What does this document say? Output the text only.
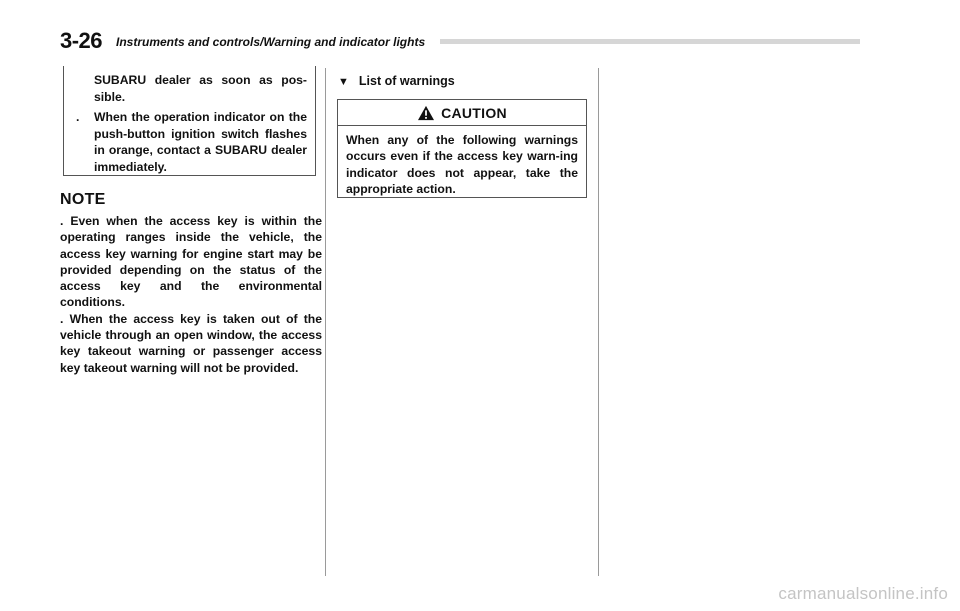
3-26 Instruments and controls/Warning and indicator lights
SUBARU dealer as soon as pos-sible.
. When the operation indicator on the push-button ignition switch flashes in orange, contact a SUBARU dealer immediately.
NOTE

. Even when the access key is within the operating ranges inside the vehicle, the access key warning for engine start may be provided depending on the status of the access key and the environmental conditions.

. When the access key is taken out of the vehicle through an open window, the access key takeout warning or passenger access key takeout warning will not be provided.

▼ List of warnings
CAUTION
When any of the following warnings occurs even if the access key warn-ing indicator does not appear, take the appropriate action.
carmanualsonline.info
